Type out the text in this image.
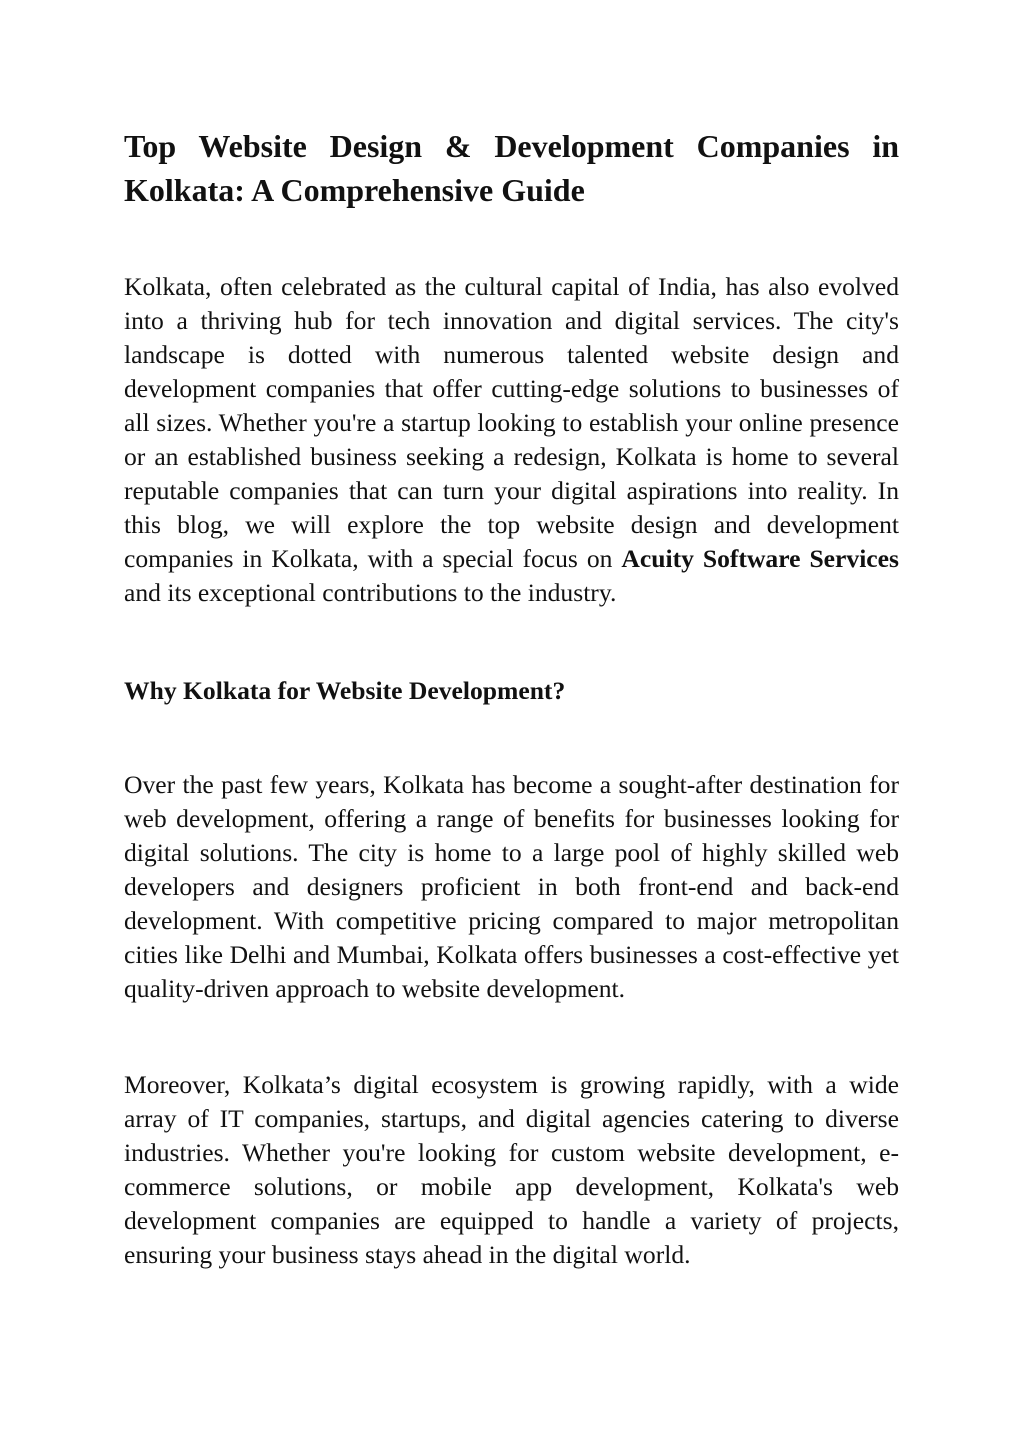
Top Website Design & Development Companies in Kolkata: A Comprehensive Guide

Kolkata, often celebrated as the cultural capital of India, has also evolved into a thriving hub for tech innovation and digital services. The city's landscape is dotted with numerous talented website design and development companies that offer cutting-edge solutions to businesses of all sizes. Whether you're a startup looking to establish your online presence or an established business seeking a redesign, Kolkata is home to several reputable companies that can turn your digital aspirations into reality. In this blog, we will explore the top website design and development companies in Kolkata, with a special focus on Acuity Software Services and its exceptional contributions to the industry.

Why Kolkata for Website Development?

Over the past few years, Kolkata has become a sought-after destination for web development, offering a range of benefits for businesses looking for digital solutions. The city is home to a large pool of highly skilled web developers and designers proficient in both front-end and back-end development. With competitive pricing compared to major metropolitan cities like Delhi and Mumbai, Kolkata offers businesses a cost-effective yet quality-driven approach to website development.

Moreover, Kolkata’s digital ecosystem is growing rapidly, with a wide array of IT companies, startups, and digital agencies catering to diverse industries. Whether you're looking for custom website development, e-commerce solutions, or mobile app development, Kolkata's web development companies are equipped to handle a variety of projects, ensuring your business stays ahead in the digital world.
